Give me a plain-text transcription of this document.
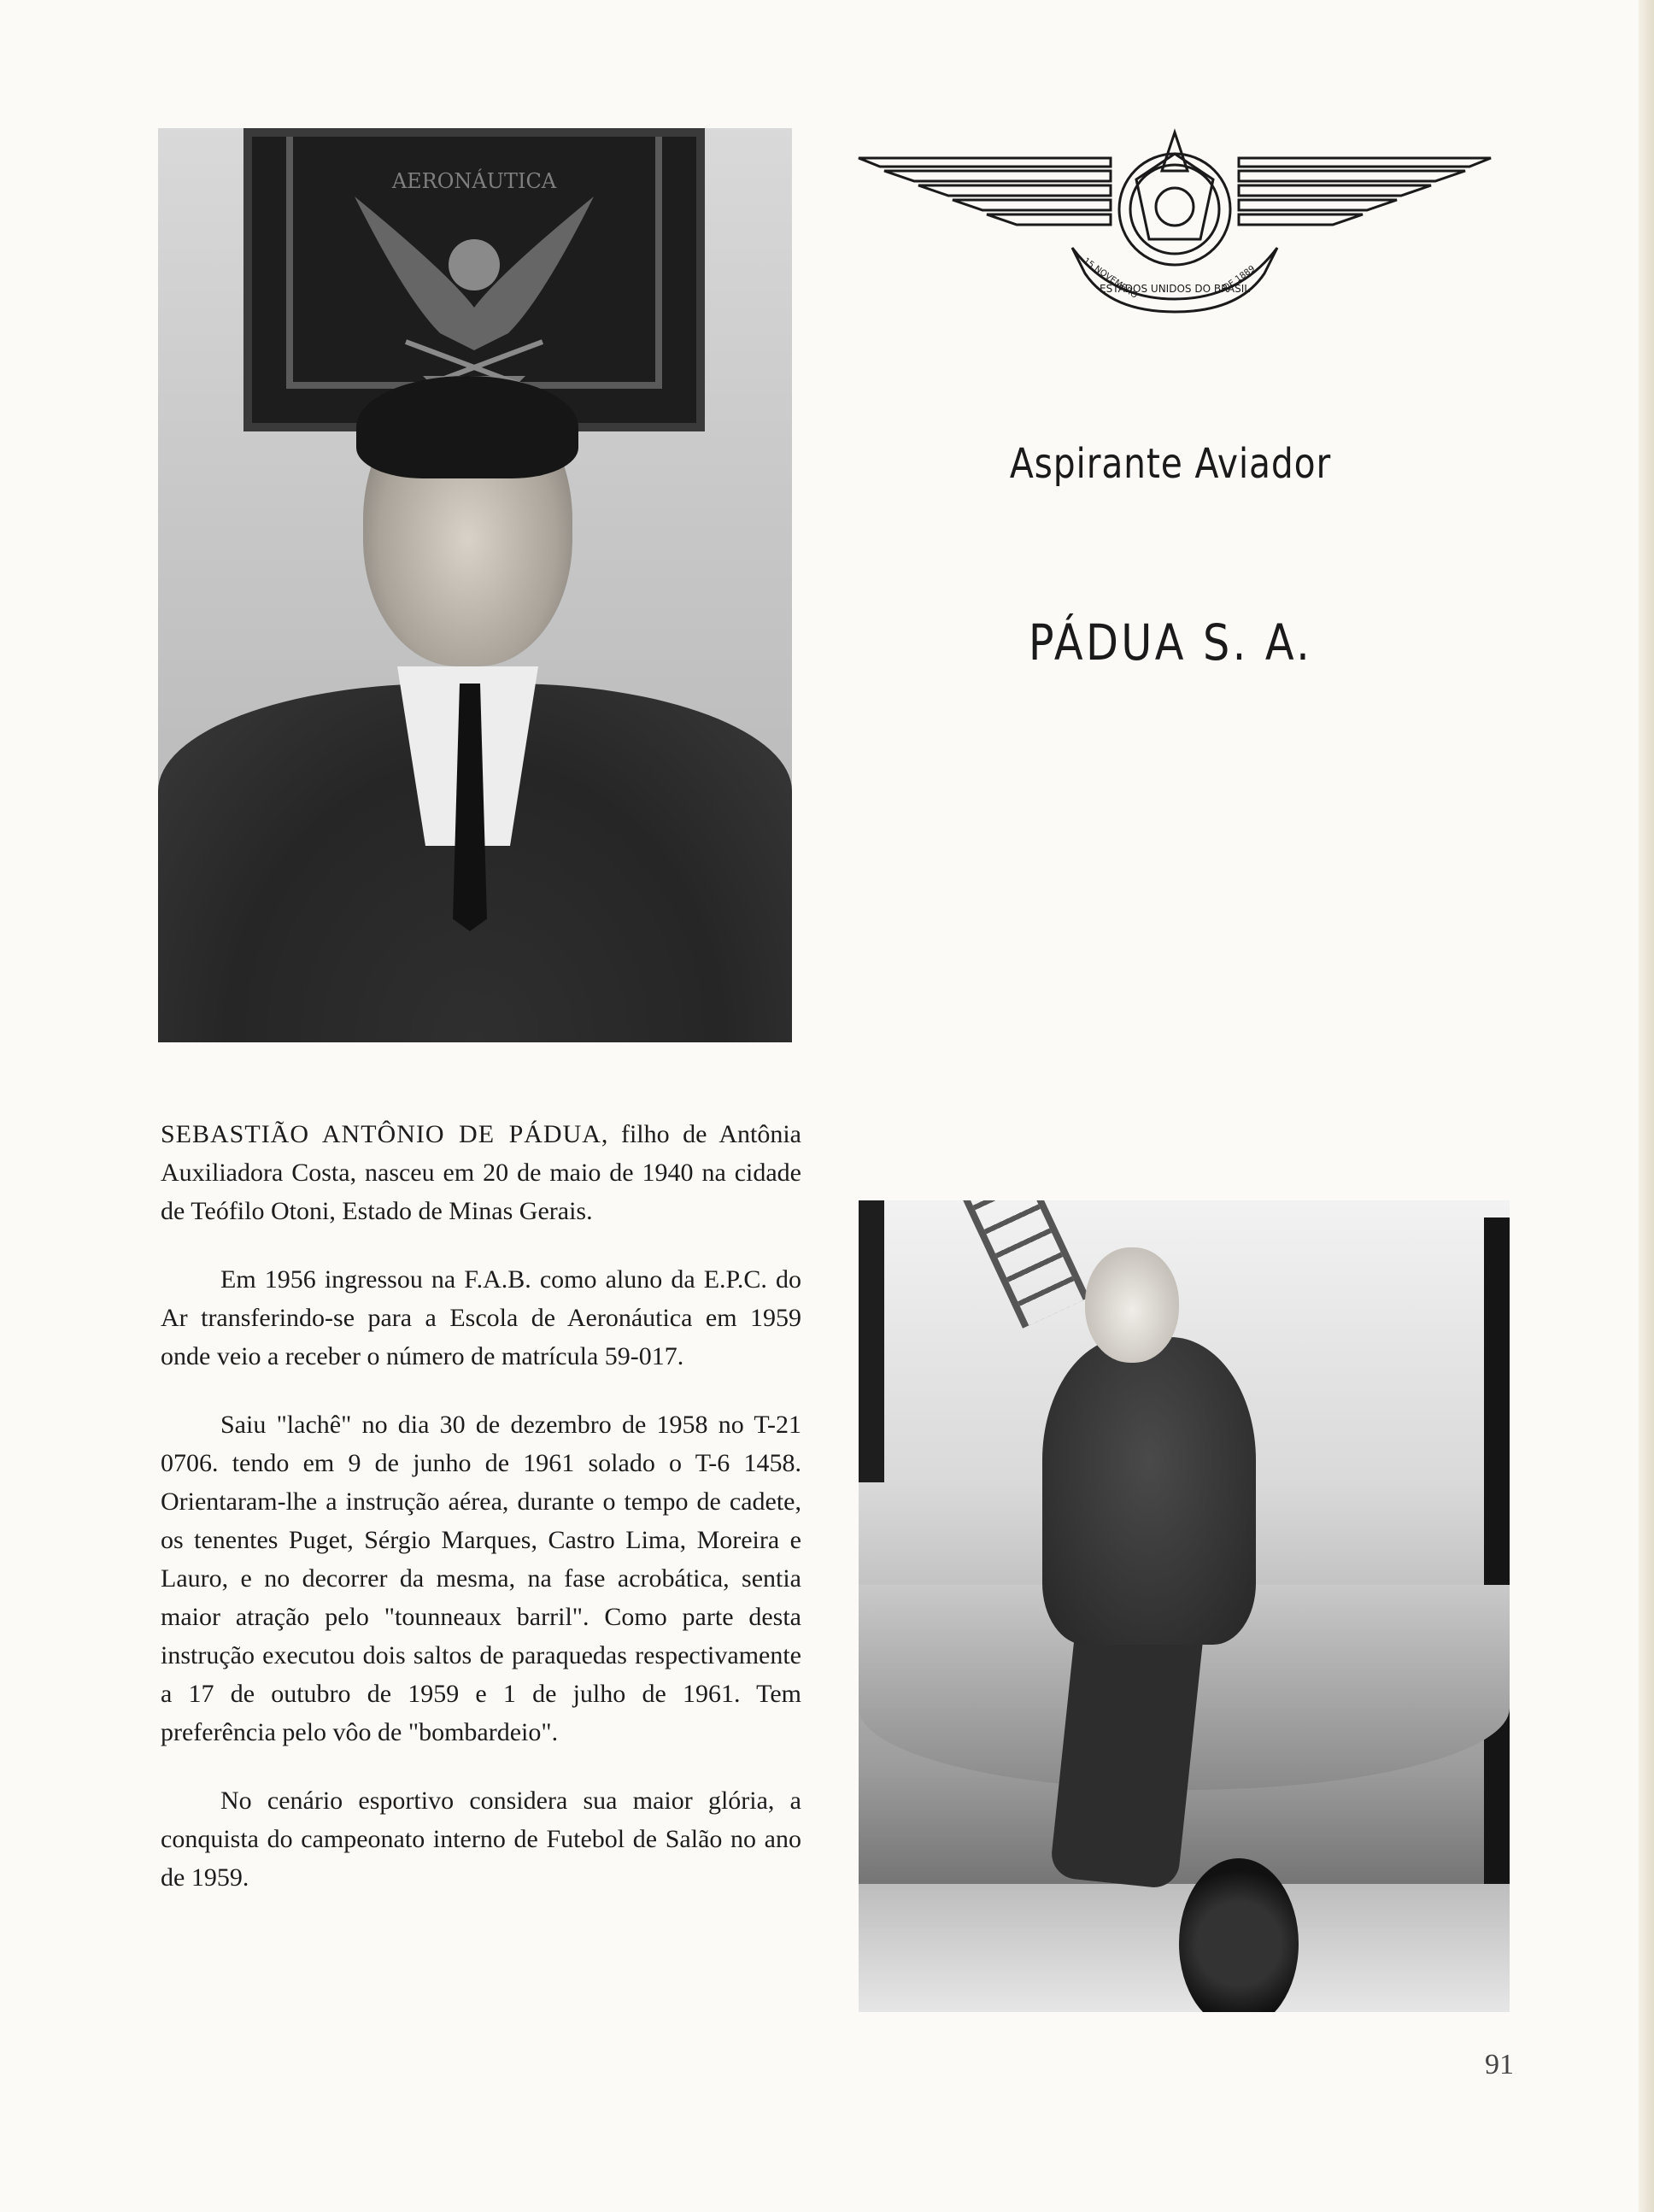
AERONÁUTICA
ESTADOS UNIDOS DO BRASIL
15 NOVEMBRO	DE 1889
Aspirante Aviador
PÁDUA S. A.

SEBASTIÃO ANTÔNIO DE PÁDUA, filho de Antônia Auxiliadora Costa, nasceu em 20 de maio de 1940 na cidade de Teófilo Otoni, Estado de Minas Gerais.

Em 1956 ingressou na F.A.B. como aluno da E.P.C. do Ar transferindo-se para a Escola de Aeronáutica em 1959 onde veio a receber o número de matrícula 59-017.

Saiu "lachê" no dia 30 de dezembro de 1958 no T-21 0706. tendo em 9 de junho de 1961 solado o T-6 1458. Orientaram-lhe a instrução aérea, durante o tempo de cadete, os tenentes Puget, Sérgio Marques, Castro Lima, Moreira e Lauro, e no decorrer da mesma, na fase acrobática, sentia maior atração pelo "tounneaux barril". Como parte desta instrução executou dois saltos de paraquedas respectivamente a 17 de outubro de 1959 e 1 de julho de 1961. Tem preferência pelo vôo de "bombardeio".

No cenário esportivo considera sua maior glória, a conquista do campeonato interno de Futebol de Salão no ano de 1959.

91
